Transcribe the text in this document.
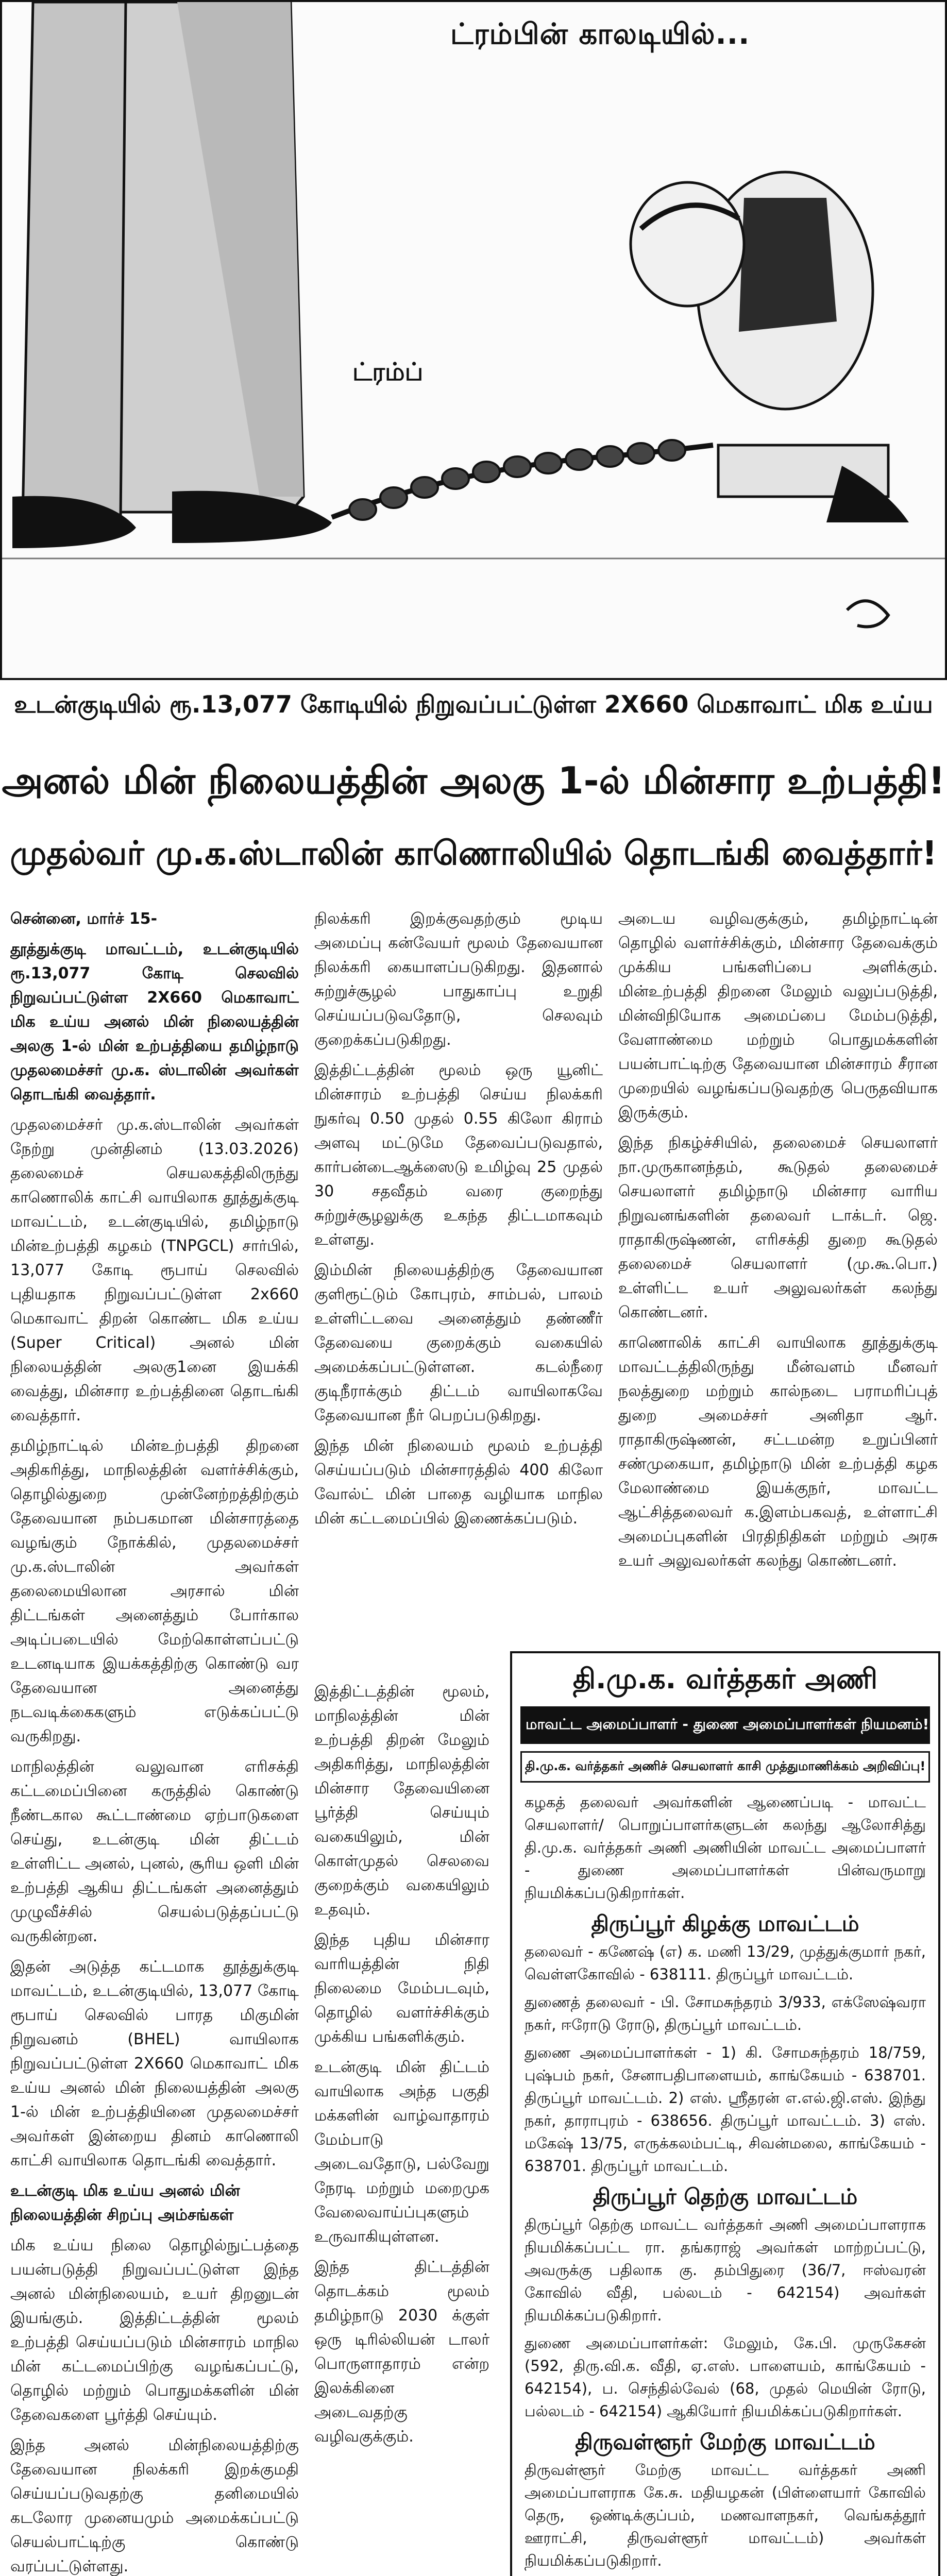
ட்ரம்பின் காலடியில்...
ட்ரம்ப்
உடன்குடியில் ரூ.13,077 கோடியில் நிறுவப்பட்டுள்ள 2X660 மெகாவாட் மிக உய்ய
அனல் மின் நிலையத்தின் அலகு 1-ல் மின்சார உற்பத்தி!
முதல்வர் மு.க.ஸ்டாலின் காணொலியில் தொடங்கி வைத்தார்!

சென்னை, மார்ச் 15-

தூத்துக்குடி மாவட்டம், உடன்குடியில் ரூ.13,077 கோடி செலவில் நிறுவப்பட்டுள்ள 2X660 மெகாவாட் மிக உய்ய அனல் மின் நிலையத்தின் அலகு 1-ல் மின் உற்பத்தியை தமிழ்நாடு முதலமைச்சர் மு.க. ஸ்டாலின் அவர்கள் தொடங்கி வைத்தார்.

முதலமைச்சர் மு.க.ஸ்டாலின் அவர்கள் நேற்று முன்தினம் (13.03.2026) தலைமைச் செயலகத்திலிருந்து காணொலிக் காட்சி வாயிலாக தூத்துக்குடி மாவட்டம், உடன்குடியில், தமிழ்நாடு மின்உற்பத்தி கழகம் (TNPGCL) சார்பில், 13,077 கோடி ரூபாய் செலவில் புதியதாக நிறுவப்பட்டுள்ள 2x660 மெகாவாட் திறன் கொண்ட மிக உய்ய (Super Critical) அனல் மின் நிலையத்தின் அலகு1னை இயக்கி வைத்து, மின்சார உற்பத்தினை தொடங்கி வைத்தார்.

தமிழ்நாட்டில் மின்உற்பத்தி திறனை அதிகரித்து, மாநிலத்தின் வளர்ச்சிக்கும், தொழில்துறை முன்னேற்றத்திற்கும் தேவையான நம்பகமான மின்சாரத்தை வழங்கும் நோக்கில், முதலமைச்சர் மு.க.ஸ்டாலின் அவர்கள் தலைமையிலான அரசால் மின் திட்டங்கள் அனைத்தும் போர்கால அடிப்படையில் மேற்கொள்ளப்பட்டு உடனடியாக இயக்கத்திற்கு கொண்டு வர தேவையான அனைத்து நடவடிக்கைகளும் எடுக்கப்பட்டு வருகிறது.

மாநிலத்தின் வலுவான எரிசக்தி கட்டமைப்பினை கருத்தில் கொண்டு நீண்டகால கூட்டாண்மை ஏற்பாடுகளை செய்து, உடன்குடி மின் திட்டம் உள்ளிட்ட அனல், புனல், சூரிய ஒளி மின் உற்பத்தி ஆகிய திட்டங்கள் அனைத்தும் முழுவீச்சில் செயல்படுத்தப்பட்டு வருகின்றன.

இதன் அடுத்த கட்டமாக தூத்துக்குடி மாவட்டம், உடன்குடியில், 13,077 கோடி ரூபாய் செலவில் பாரத மிகுமின் நிறுவனம் (BHEL) வாயிலாக நிறுவப்பட்டுள்ள 2X660 மெகாவாட் மிக உய்ய அனல் மின் நிலையத்தின் அலகு 1-ல் மின் உற்பத்தியினை முதலமைச்சர் அவர்கள் இன்றைய தினம் காணொலி காட்சி வாயிலாக தொடங்கி வைத்தார்.

உடன்குடி மிக உய்ய அனல் மின் நிலையத்தின் சிறப்பு அம்சங்கள்

மிக உய்ய நிலை தொழில்நுட்பத்தை பயன்படுத்தி நிறுவப்பட்டுள்ள இந்த அனல் மின்நிலையம், உயர் திறனுடன் இயங்கும். இத்திட்டத்தின் மூலம் உற்பத்தி செய்யப்படும் மின்சாரம் மாநில மின் கட்டமைப்பிற்கு வழங்கப்பட்டு, தொழில் மற்றும் பொதுமக்களின் மின் தேவைகளை பூர்த்தி செய்யும்.

இந்த அனல் மின்நிலையத்திற்கு தேவையான நிலக்கரி இறக்குமதி செய்யப்படுவதற்கு தனிமையில் கடலோர முனையமும் அமைக்கப்பட்டு செயல்பாட்டிற்கு கொண்டு வரப்பட்டுள்ளது.

நிலக்கரி இறக்குவதற்கும் மூடிய அமைப்பு கன்வேயர் மூலம் தேவையான நிலக்கரி கையாளப்படுகிறது. இதனால் சுற்றுச்சூழல் பாதுகாப்பு உறுதி செய்யப்படுவதோடு, செலவும் குறைக்கப்படுகிறது.

இத்திட்டத்தின் மூலம் ஒரு யூனிட் மின்சாரம் உற்பத்தி செய்ய நிலக்கரி நுகர்வு 0.50 முதல் 0.55 கிலோ கிராம் அளவு மட்டுமே தேவைப்படுவதால், கார்பன்டைஆக்ஸைடு உமிழ்வு 25 முதல் 30 சதவீதம் வரை குறைந்து சுற்றுச்சூழலுக்கு உகந்த திட்டமாகவும் உள்ளது.

இம்மின் நிலையத்திற்கு தேவையான குளிரூட்டும் கோபுரம், சாம்பல், பாலம் உள்ளிட்டவை அனைத்தும் தண்ணீர் தேவையை குறைக்கும் வகையில் அமைக்கப்பட்டுள்ளன. கடல்நீரை குடிநீராக்கும் திட்டம் வாயிலாகவே தேவையான நீர் பெறப்படுகிறது.

இந்த மின் நிலையம் மூலம் உற்பத்தி செய்யப்படும் மின்சாரத்தில் 400 கிலோ வோல்ட் மின் பாதை வழியாக மாநில மின் கட்டமைப்பில் இணைக்கப்படும்.

அடைய வழிவகுக்கும், தமிழ்நாட்டின் தொழில் வளர்ச்சிக்கும், மின்சார தேவைக்கும் முக்கிய பங்களிப்பை அளிக்கும். மின்உற்பத்தி திறனை மேலும் வலுப்படுத்தி, மின்விநியோக அமைப்பை மேம்படுத்தி, வேளாண்மை மற்றும் பொதுமக்களின் பயன்பாட்டிற்கு தேவையான மின்சாரம் சீரான முறையில் வழங்கப்படுவதற்கு பெருதவியாக இருக்கும்.

இந்த நிகழ்ச்சியில், தலைமைச் செயலாளர் நா.முருகானந்தம், கூடுதல் தலைமைச் செயலாளர் தமிழ்நாடு மின்சார வாரிய நிறுவனங்களின் தலைவர் டாக்டர். ஜெ. ராதாகிருஷ்ணன், எரிசக்தி துறை கூடுதல் தலைமைச் செயலாளர் (மு.கூ.பொ.) உள்ளிட்ட உயர் அலுவலர்கள் கலந்து கொண்டனர்.

காணொலிக் காட்சி வாயிலாக தூத்துக்குடி மாவட்டத்திலிருந்து மீன்வளம் மீனவர் நலத்துறை மற்றும் கால்நடை பராமரிப்புத் துறை அமைச்சர் அனிதா ஆர். ராதாகிருஷ்ணன், சட்டமன்ற உறுப்பினர் சண்முகையா, தமிழ்நாடு மின் உற்பத்தி கழக மேலாண்மை இயக்குநர், மாவட்ட ஆட்சித்தலைவர் க.இளம்பகவத், உள்ளாட்சி அமைப்புகளின் பிரதிநிதிகள் மற்றும் அரசு உயர் அலுவலர்கள் கலந்து கொண்டனர்.

இத்திட்டத்தின் மூலம், மாநிலத்தின் மின் உற்பத்தி திறன் மேலும் அதிகரித்து, மாநிலத்தின் மின்சார தேவையினை பூர்த்தி செய்யும் வகையிலும், மின் கொள்முதல் செலவை குறைக்கும் வகையிலும் உதவும்.

இந்த புதிய மின்சார வாரியத்தின் நிதி நிலைமை மேம்படவும், தொழில் வளர்ச்சிக்கும் முக்கிய பங்களிக்கும்.

உடன்குடி மின் திட்டம் வாயிலாக அந்த பகுதி மக்களின் வாழ்வாதாரம் மேம்பாடு அடைவதோடு, பல்வேறு நேரடி மற்றும் மறைமுக வேலைவாய்ப்புகளும் உருவாகியுள்ளன.

இந்த திட்டத்தின் தொடக்கம் மூலம் தமிழ்நாடு 2030 க்குள் ஒரு டிரில்லியன் டாலர் பொருளாதாரம் என்ற இலக்கினை அடைவதற்கு வழிவகுக்கும்.

தி.மு.க. வர்த்தகர் அணி
மாவட்ட அமைப்பாளர் - துணை அமைப்பாளர்கள் நியமனம்!
தி.மு.க. வர்த்தகர் அணிச் செயலாளர் காசி முத்துமாணிக்கம் அறிவிப்பு!

கழகத் தலைவர் அவர்களின் ஆணைப்படி - மாவட்ட செயலாளர்/ பொறுப்பாளர்களுடன் கலந்து ஆலோசித்து தி.மு.க. வர்த்தகர் அணி அணியின் மாவட்ட அமைப்பாளர் - துணை அமைப்பாளர்கள் பின்வருமாறு நியமிக்கப்படுகிறார்கள்.

திருப்பூர் கிழக்கு மாவட்டம்

தலைவர் - கணேஷ் (எ) க. மணி 13/29, முத்துக்குமார் நகர், வெள்ளகோவில் - 638111. திருப்பூர் மாவட்டம்.

துணைத் தலைவர் - பி. சோமசுந்தரம் 3/933, எக்ஸேஷ்வரா நகர், ஈரோடு ரோடு, திருப்பூர் மாவட்டம்.

துணை அமைப்பாளர்கள் - 1) கி. சோமசுந்தரம் 18/759, புஷ்பம் நகர், சேனாபதிபாளையம், காங்கேயம் - 638701. திருப்பூர் மாவட்டம். 2) எஸ். ஸ்ரீதரன் எ.எல்.ஜி.எஸ். இந்து நகர், தாராபுரம் - 638656. திருப்பூர் மாவட்டம். 3) எஸ். மகேஷ் 13/75, எருக்கலம்பட்டி, சிவன்மலை, காங்கேயம் - 638701. திருப்பூர் மாவட்டம்.

திருப்பூர் தெற்கு மாவட்டம்

திருப்பூர் தெற்கு மாவட்ட வர்த்தகர் அணி அமைப்பாளராக நியமிக்கப்பட்ட ரா. தங்கராஜ் அவர்கள் மாற்றப்பட்டு, அவருக்கு பதிலாக கு. தம்பிதுரை (36/7, ஈஸ்வரன் கோவில் வீதி, பல்லடம் - 642154) அவர்கள் நியமிக்கப்படுகிறார்.

துணை அமைப்பாளர்கள்: மேலும், கே.பி. முருகேசன் (592, திரு.வி.க. வீதி, ஏ.எஸ். பாளையம், காங்கேயம் - 642154), ப. செந்தில்வேல் (68, முதல் மெயின் ரோடு, பல்லடம் - 642154) ஆகியோர் நியமிக்கப்படுகிறார்கள்.

திருவள்ளூர் மேற்கு மாவட்டம்

திருவள்ளூர் மேற்கு மாவட்ட வர்த்தகர் அணி அமைப்பாளராக கே.சு. மதியழகன் (பிள்ளையார் கோவில் தெரு, ஒண்டிக்குப்பம், மணவாளநகர், வெங்கத்தூர் ஊராட்சி, திருவள்ளூர் மாவட்டம்) அவர்கள் நியமிக்கப்படுகிறார்.
